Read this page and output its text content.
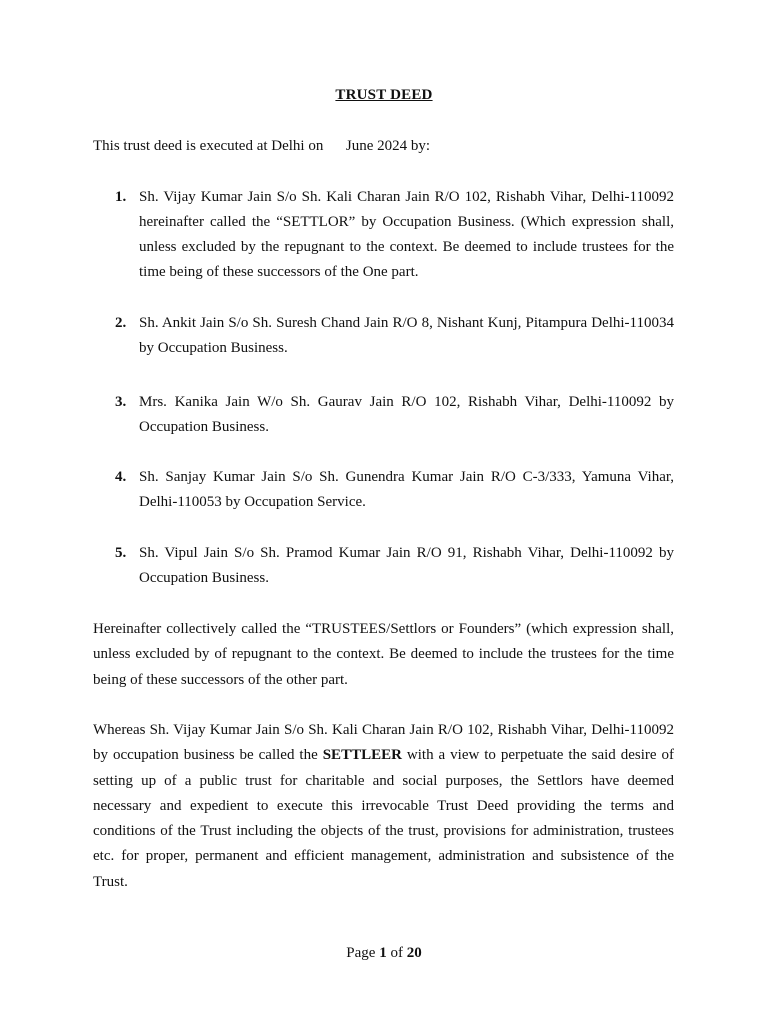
TRUST DEED
This trust deed is executed at Delhi on      June 2024 by:
1. Sh. Vijay Kumar Jain S/o Sh. Kali Charan Jain R/O 102, Rishabh Vihar, Delhi-110092 hereinafter called the “SETTLOR” by Occupation Business. (Which expression shall, unless excluded by the repugnant to the context. Be deemed to include trustees for the time being of these successors of the One part.
2. Sh. Ankit Jain S/o Sh. Suresh Chand Jain R/O 8, Nishant Kunj, Pitampura Delhi-110034 by Occupation Business.
3. Mrs. Kanika Jain W/o Sh. Gaurav Jain R/O 102, Rishabh Vihar, Delhi-110092 by Occupation Business.
4. Sh. Sanjay Kumar Jain S/o Sh. Gunendra Kumar Jain R/O C-3/333, Yamuna Vihar, Delhi-110053 by Occupation Service.
5. Sh. Vipul Jain S/o Sh. Pramod Kumar Jain R/O 91, Rishabh Vihar, Delhi-110092 by Occupation Business.
Hereinafter collectively called the “TRUSTEES/Settlors or Founders” (which expression shall, unless excluded by of repugnant to the context. Be deemed to include the trustees for the time being of these successors of the other part.
Whereas Sh. Vijay Kumar Jain S/o Sh. Kali Charan Jain R/O 102, Rishabh Vihar, Delhi-110092 by occupation business be called the SETTLEER with a view to perpetuate the said desire of setting up of a public trust for charitable and social purposes, the Settlors have deemed necessary and expedient to execute this irrevocable Trust Deed providing the terms and conditions of the Trust including the objects of the trust, provisions for administration, trustees etc. for proper, permanent and efficient management, administration and subsistence of the Trust.
Page 1 of 20
